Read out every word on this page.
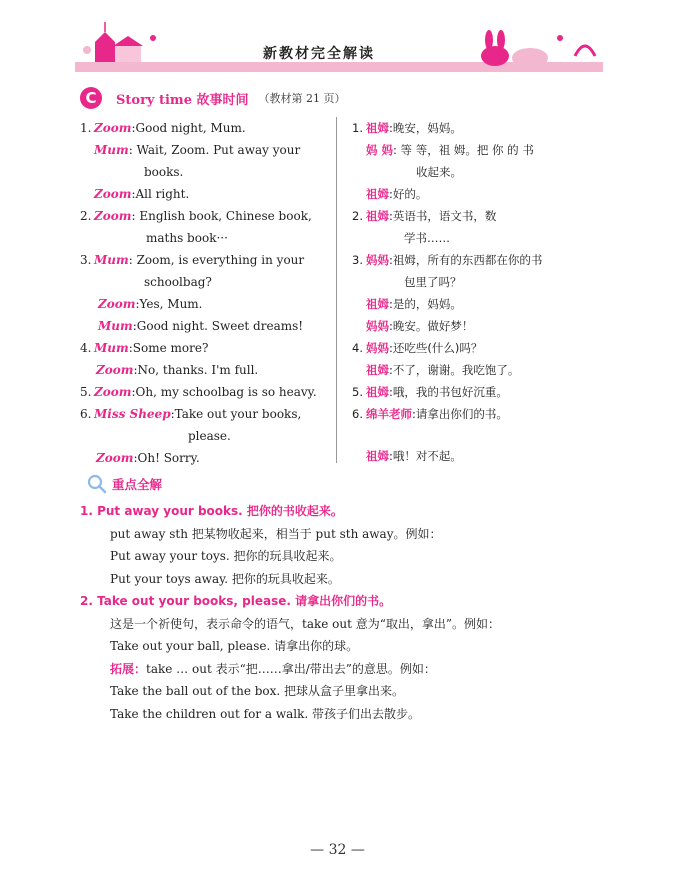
新教材完全解读
C	Story time 故事时间 （教材第 21 页）
1. Zoom :Good night, Mum.
Mum : Wait, Zoom. Put away your
books.
Zoom :All right.
2. Zoom : English book, Chinese book,
maths book···
3. Mum : Zoom, is everything in your
schoolbag?
Zoom :Yes, Mum.
Mum :Good night. Sweet dreams!
4. Mum :Some more?
Zoom :No, thanks. I'm full.
5. Zoom :Oh, my schoolbag is so heavy.
6. Miss Sheep :Take out your books,
please.
Zoom :Oh! Sorry.
1. 祖姆 :晚安，妈妈。
妈 妈 : 等 等，祖 姆。把 你 的 书
收起来。
祖姆 :好的。
2. 祖姆 :英语书，语文书，数
学书……
3. 妈妈 :祖姆，所有的东西都在你的书
包里了吗？
祖姆 :是的，妈妈。
妈妈 :晚安。做好梦！
4. 妈妈 :还吃些(什么)吗？
祖姆 :不了，谢谢。我吃饱了。
5. 祖姆 :哦，我的书包好沉重。
6. 绵羊老师 :请拿出你们的书。
祖姆 :哦！对不起。
重点全解
1. Put away your books. 把你的书收起来。
put away sth 把某物收起来，相当于 put sth away。例如：
Put away your toys. 把你的玩具收起来。
Put your toys away. 把你的玩具收起来。
2. Take out your books, please. 请拿出你们的书。
这是一个祈使句，表示命令的语气，take out 意为“取出，拿出”。例如：
Take out your ball, please. 请拿出你的球。
拓展：take … out 表示“把……拿出/带出去”的意思。例如：
Take the ball out of the box. 把球从盒子里拿出来。
Take the children out for a walk. 带孩子们出去散步。
— 32 —
